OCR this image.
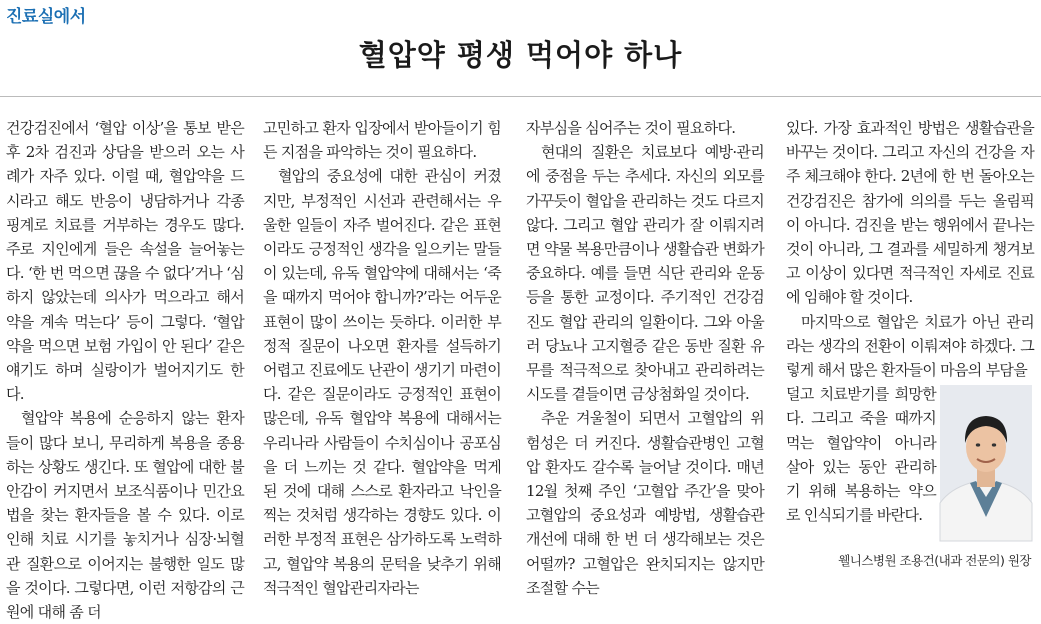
진료실에서
혈압약 평생 먹어야 하나

건강검진에서 ‘혈압 이상’을 통보 받은 후 2차 검진과 상담을 받으러 오는 사례가 자주 있다. 이럴 때, 혈압약을 드시라고 해도 반응이 냉담하거나 각종 핑계로 치료를 거부하는 경우도 많다. 주로 지인에게 들은 속설을 늘어놓는다. ‘한 번 먹으면 끊을 수 없다’거나 ‘심하지 않았는데 의사가 먹으라고 해서 약을 계속 먹는다’ 등이 그렇다. ‘혈압약을 먹으면 보험 가입이 안 된다’ 같은 얘기도 하며 실랑이가 벌어지기도 한다.

혈압약 복용에 순응하지 않는 환자들이 많다 보니, 무리하게 복용을 종용하는 상황도 생긴다. 또 혈압에 대한 불안감이 커지면서 보조식품이나 민간요법을 찾는 환자들을 볼 수 있다. 이로 인해 치료 시기를 놓치거나 심장·뇌혈관 질환으로 이어지는 불행한 일도 많을 것이다. 그렇다면, 이런 저항감의 근원에 대해 좀 더

고민하고 환자 입장에서 받아들이기 힘든 지점을 파악하는 것이 필요하다.

혈압의 중요성에 대한 관심이 커졌지만, 부정적인 시선과 관련해서는 우울한 일들이 자주 벌어진다. 같은 표현이라도 긍정적인 생각을 일으키는 말들이 있는데, 유독 혈압약에 대해서는 ‘죽을 때까지 먹어야 합니까?’라는 어두운 표현이 많이 쓰이는 듯하다. 이러한 부정적 질문이 나오면 환자를 설득하기 어렵고 진료에도 난관이 생기기 마련이다. 같은 질문이라도 긍정적인 표현이 많은데, 유독 혈압약 복용에 대해서는 우리나라 사람들이 수치심이나 공포심을 더 느끼는 것 같다. 혈압약을 먹게 된 것에 대해 스스로 환자라고 낙인을 찍는 것처럼 생각하는 경향도 있다. 이러한 부정적 표현은 삼가하도록 노력하고, 혈압약 복용의 문턱을 낮추기 위해 적극적인 혈압관리자라는

자부심을 심어주는 것이 필요하다.

현대의 질환은 치료보다 예방·관리에 중점을 두는 추세다. 자신의 외모를 가꾸듯이 혈압을 관리하는 것도 다르지 않다. 그리고 혈압 관리가 잘 이뤄지려면 약물 복용만큼이나 생활습관 변화가 중요하다. 예를 들면 식단 관리와 운동 등을 통한 교정이다. 주기적인 건강검진도 혈압 관리의 일환이다. 그와 아울러 당뇨나 고지혈증 같은 동반 질환 유무를 적극적으로 찾아내고 관리하려는 시도를 곁들이면 금상첨화일 것이다.

추운 겨울철이 되면서 고혈압의 위험성은 더 커진다. 생활습관병인 고혈압 환자도 갈수록 늘어날 것이다. 매년 12월 첫째 주인 ‘고혈압 주간’을 맞아 고혈압의 중요성과 예방법, 생활습관 개선에 대해 한 번 더 생각해보는 것은 어떨까? 고혈압은 완치되지는 않지만 조절할 수는

있다. 가장 효과적인 방법은 생활습관을 바꾸는 것이다. 그리고 자신의 건강을 자주 체크해야 한다. 2년에 한 번 돌아오는 건강검진은 참가에 의의를 두는 올림픽이 아니다. 검진을 받는 행위에서 끝나는 것이 아니라, 그 결과를 세밀하게 챙겨보고 이상이 있다면 적극적인 자세로 진료에 임해야 할 것이다.

마지막으로 혈압은 치료가 아닌 관리라는 생각의 전환이 이뤄져야 하겠다. 그렇게 해서 많은 환자들이 마음의 부담을

덜고 치료받기를 희망한다. 그리고 죽을 때까지 먹는 혈압약이 아니라 살아 있는 동안 관리하기 위해 복용하는 약으로 인식되기를 바란다.

웰니스병원 조용건(내과 전문의) 원장
